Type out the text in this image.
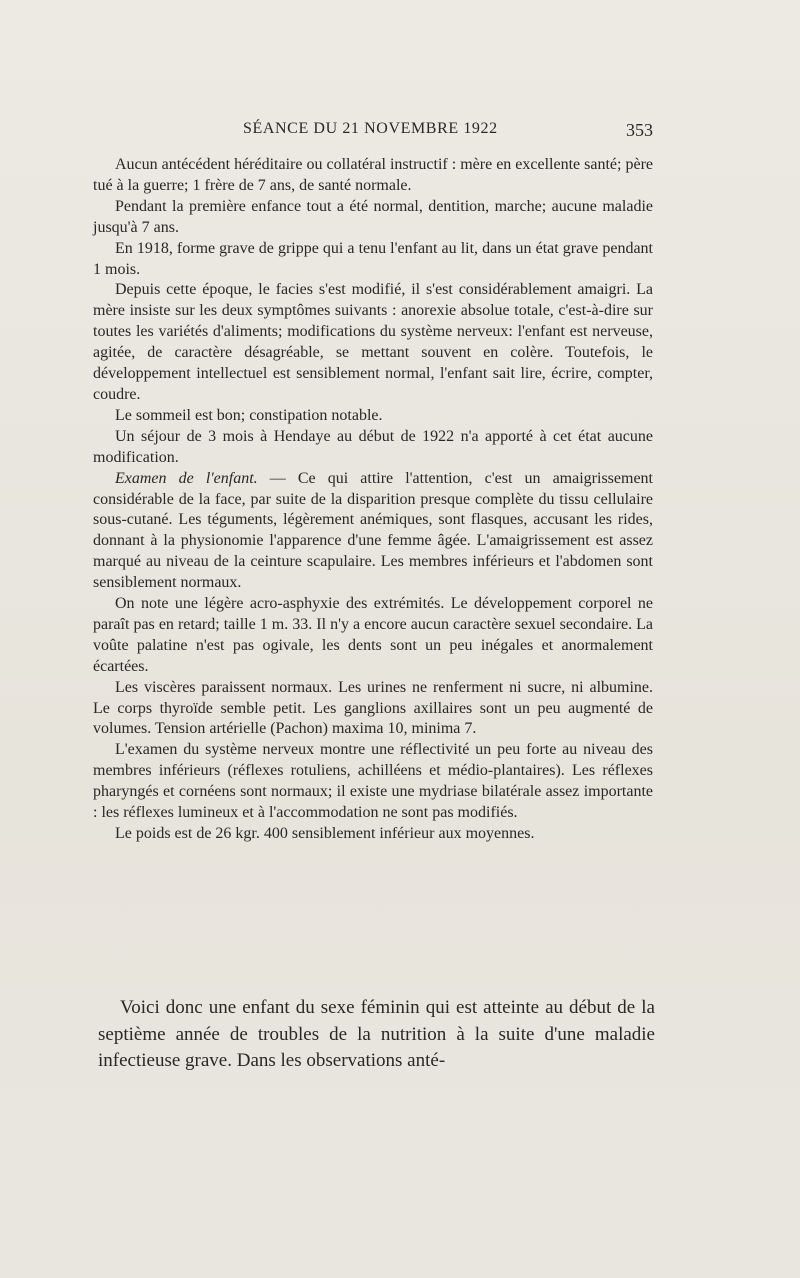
SÉANCE DU 21 NOVEMBRE 1922	353

Aucun antécédent héréditaire ou collatéral instructif : mère en excellente santé; père tué à la guerre; 1 frère de 7 ans, de santé normale.

Pendant la première enfance tout a été normal, dentition, marche; aucune maladie jusqu'à 7 ans.

En 1918, forme grave de grippe qui a tenu l'enfant au lit, dans un état grave pendant 1 mois.

Depuis cette époque, le facies s'est modifié, il s'est considérablement amaigri. La mère insiste sur les deux symptômes suivants : anorexie absolue totale, c'est-à-dire sur toutes les variétés d'aliments; modifications du système nerveux: l'enfant est nerveuse, agitée, de caractère désagréable, se mettant souvent en colère. Toutefois, le développement intellectuel est sensiblement normal, l'enfant sait lire, écrire, compter, coudre.

Le sommeil est bon; constipation notable.

Un séjour de 3 mois à Hendaye au début de 1922 n'a apporté à cet état aucune modification.

Examen de l'enfant. — Ce qui attire l'attention, c'est un amaigrissement considérable de la face, par suite de la disparition presque complète du tissu cellulaire sous-cutané. Les téguments, légèrement anémiques, sont flasques, accusant les rides, donnant à la physionomie l'apparence d'une femme âgée. L'amaigrissement est assez marqué au niveau de la ceinture scapulaire. Les membres inférieurs et l'abdomen sont sensiblement normaux.

On note une légère acro-asphyxie des extrémités. Le développement corporel ne paraît pas en retard; taille 1 m. 33. Il n'y a encore aucun caractère sexuel secondaire. La voûte palatine n'est pas ogivale, les dents sont un peu inégales et anormalement écartées.

Les viscères paraissent normaux. Les urines ne renferment ni sucre, ni albumine. Le corps thyroïde semble petit. Les ganglions axillaires sont un peu augmenté de volumes. Tension artérielle (Pachon) maxima 10, minima 7.

L'examen du système nerveux montre une réflectivité un peu forte au niveau des membres inférieurs (réflexes rotuliens, achilléens et médio-plantaires). Les réflexes pharyngés et cornéens sont normaux; il existe une mydriase bilatérale assez importante : les réflexes lumineux et à l'accommodation ne sont pas modifiés.

Le poids est de 26 kgr. 400 sensiblement inférieur aux moyennes.

Voici donc une enfant du sexe féminin qui est atteinte au début de la septième année de troubles de la nutrition à la suite d'une maladie infectieuse grave. Dans les observations anté-
